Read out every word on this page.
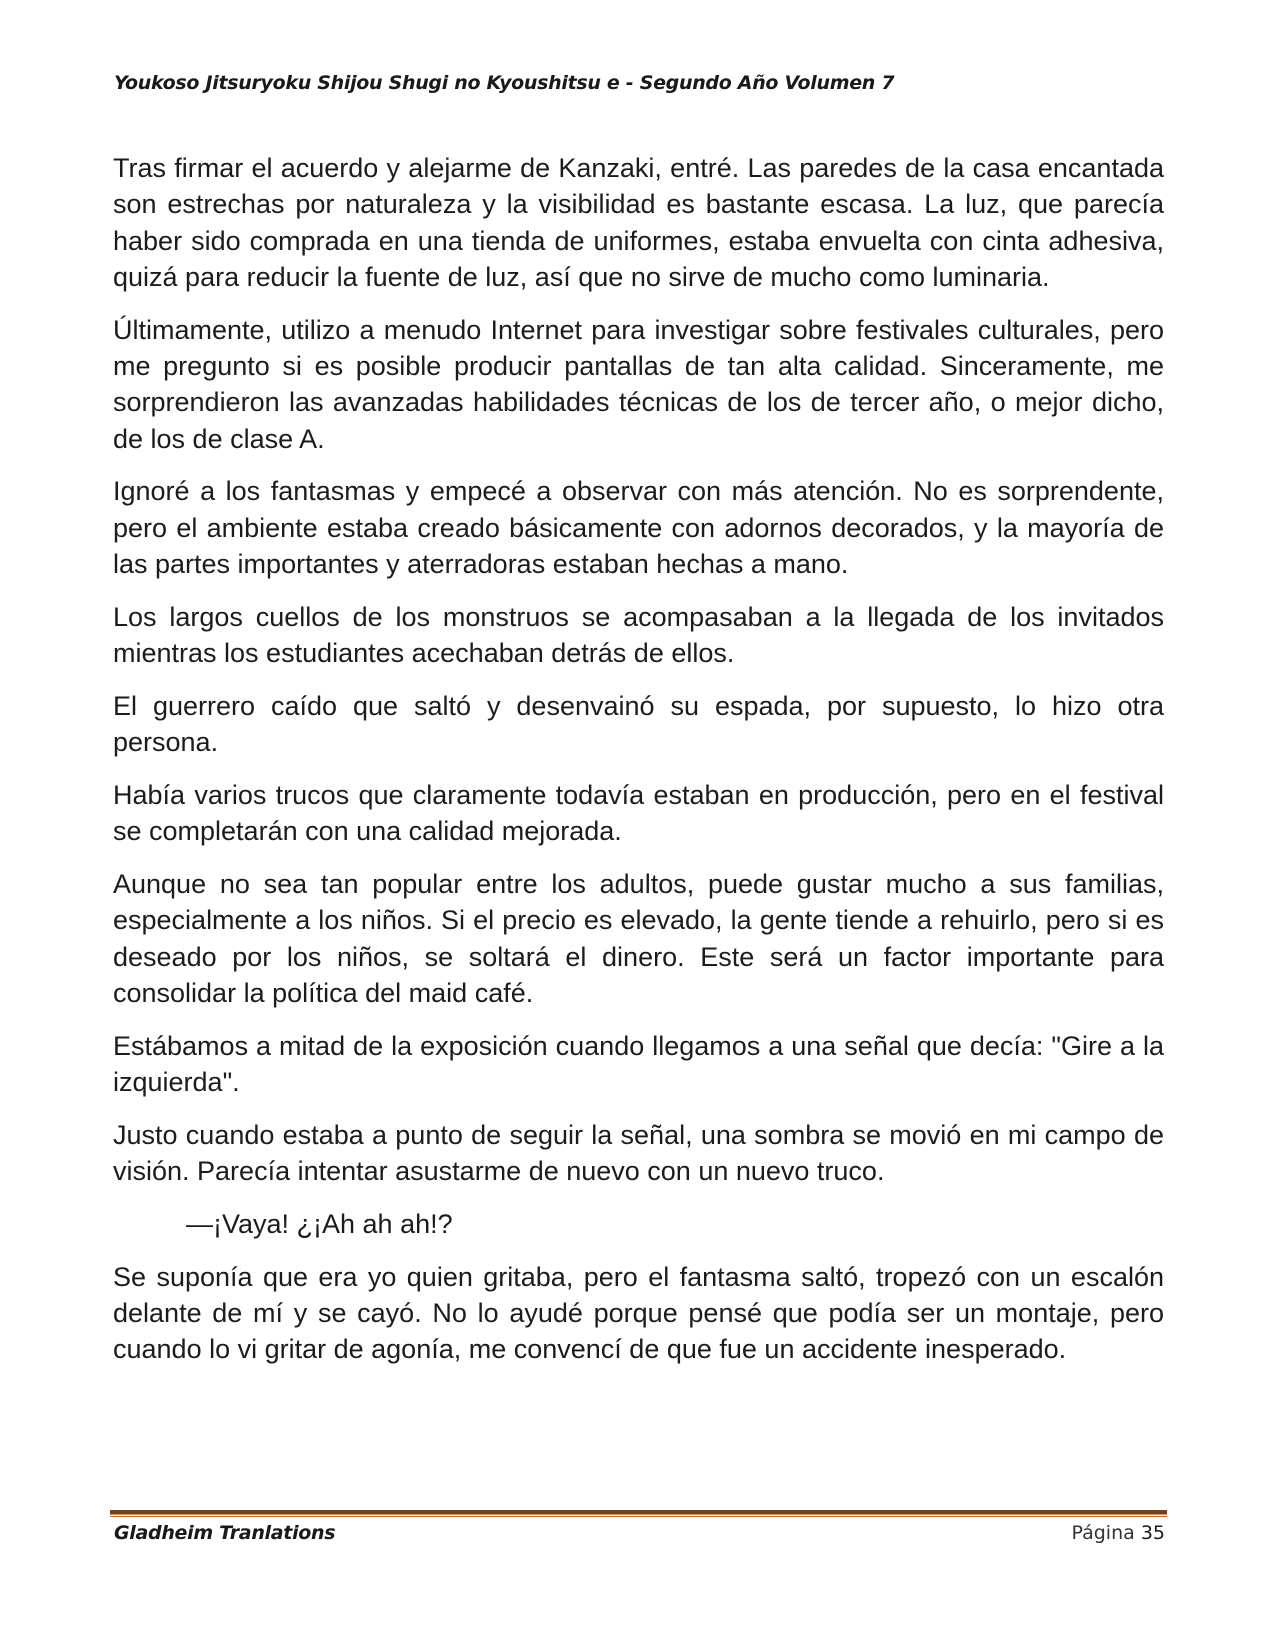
Youkoso Jitsuryoku Shijou Shugi no Kyoushitsu e - Segundo Año Volumen 7

Tras firmar el acuerdo y alejarme de Kanzaki, entré. Las paredes de la casa encantada son estrechas por naturaleza y la visibilidad es bastante escasa. La luz, que parecía haber sido comprada en una tienda de uniformes, estaba envuelta con cinta adhesiva, quizá para reducir la fuente de luz, así que no sirve de mucho como luminaria.

Últimamente, utilizo a menudo Internet para investigar sobre festivales culturales, pero me pregunto si es posible producir pantallas de tan alta calidad. Sinceramente, me sorprendieron las avanzadas habilidades técnicas de los de tercer año, o mejor dicho, de los de clase A.

Ignoré a los fantasmas y empecé a observar con más atención. No es sorprendente, pero el ambiente estaba creado básicamente con adornos decorados, y la mayoría de las partes importantes y aterradoras estaban hechas a mano.

Los largos cuellos de los monstruos se acompasaban a la llegada de los invitados mientras los estudiantes acechaban detrás de ellos.

El guerrero caído que saltó y desenvainó su espada, por supuesto, lo hizo otra persona.

Había varios trucos que claramente todavía estaban en producción, pero en el festival se completarán con una calidad mejorada.

Aunque no sea tan popular entre los adultos, puede gustar mucho a sus familias, especialmente a los niños. Si el precio es elevado, la gente tiende a rehuirlo, pero si es deseado por los niños, se soltará el dinero. Este será un factor importante para consolidar la política del maid café.

Estábamos a mitad de la exposición cuando llegamos a una señal que decía: "Gire a la izquierda".

Justo cuando estaba a punto de seguir la señal, una sombra se movió en mi campo de visión. Parecía intentar asustarme de nuevo con un nuevo truco.

—¡Vaya! ¿¡Ah ah ah!?

Se suponía que era yo quien gritaba, pero el fantasma saltó, tropezó con un escalón delante de mí y se cayó. No lo ayudé porque pensé que podía ser un montaje, pero cuando lo vi gritar de agonía, me convencí de que fue un accidente inesperado.

Gladheim Tranlations	Página 35
